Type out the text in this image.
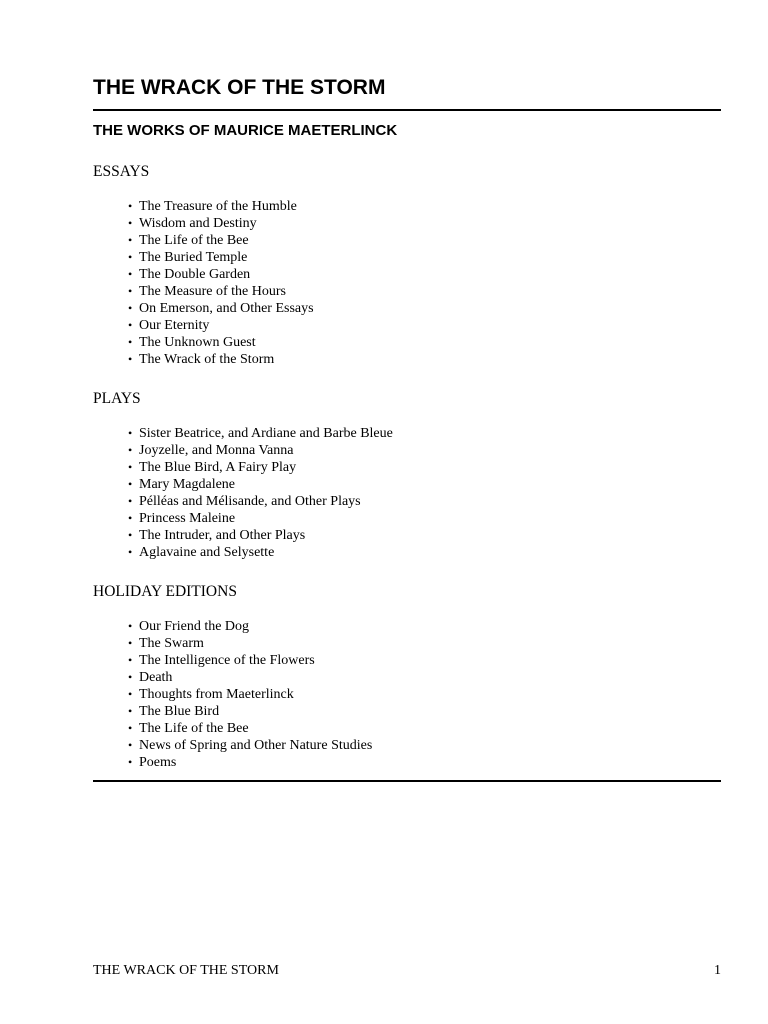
THE WRACK OF THE STORM
THE WORKS OF MAURICE MAETERLINCK
ESSAYS
• The Treasure of the Humble
• Wisdom and Destiny
• The Life of the Bee
• The Buried Temple
• The Double Garden
• The Measure of the Hours
• On Emerson, and Other Essays
• Our Eternity
• The Unknown Guest
• The Wrack of the Storm
PLAYS
• Sister Beatrice, and Ardiane and Barbe Bleue
• Joyzelle, and Monna Vanna
• The Blue Bird, A Fairy Play
• Mary Magdalene
• Pélléas and Mélisande, and Other Plays
• Princess Maleine
• The Intruder, and Other Plays
• Aglavaine and Selysette
HOLIDAY EDITIONS
• Our Friend the Dog
• The Swarm
• The Intelligence of the Flowers
• Death
• Thoughts from Maeterlinck
• The Blue Bird
• The Life of the Bee
• News of Spring and Other Nature Studies
• Poems
THE WRACK OF THE STORM	1
